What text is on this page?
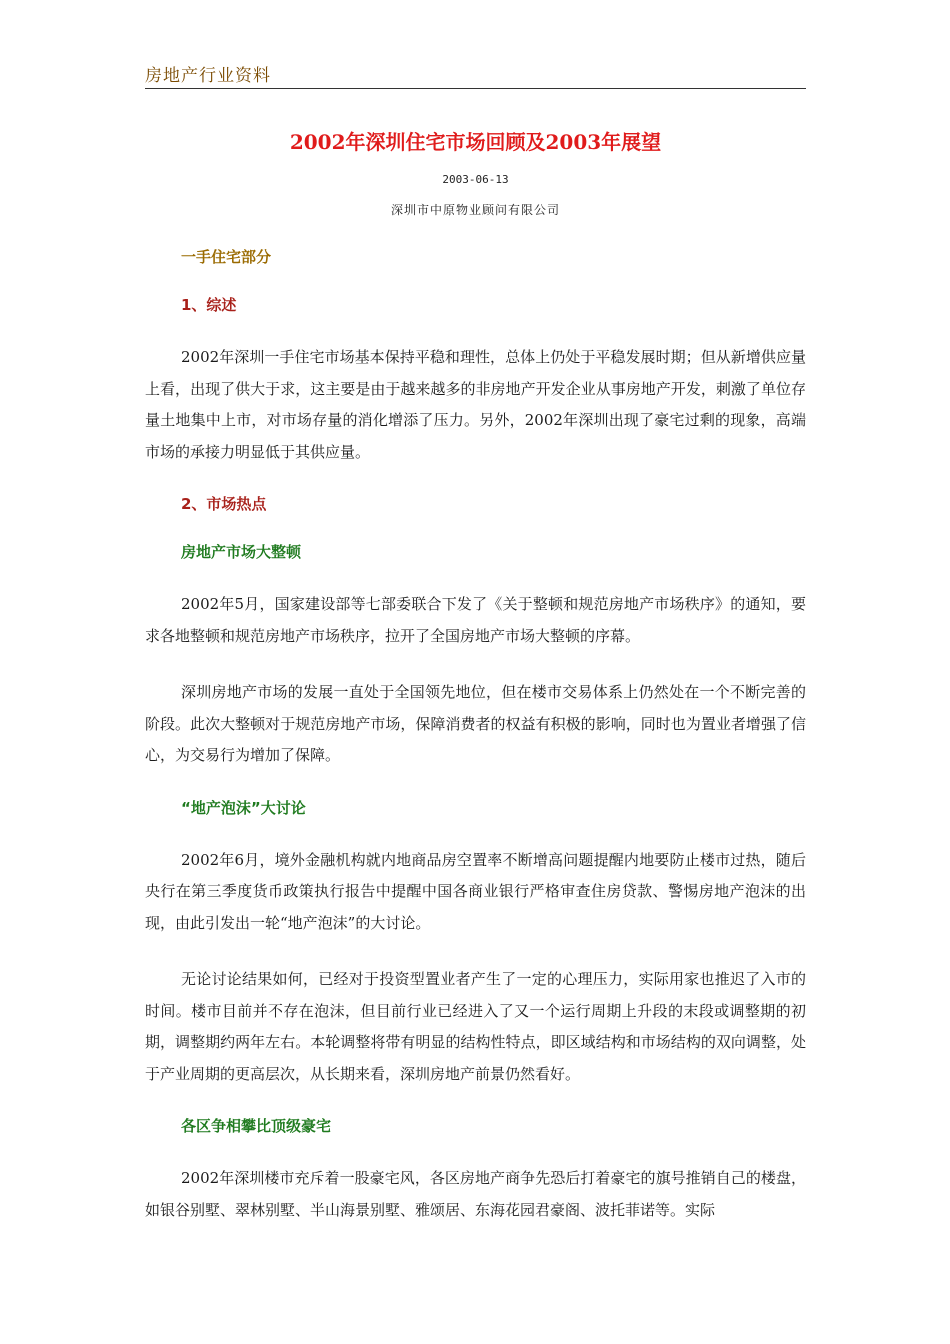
房地产行业资料
2002年深圳住宅市场回顾及2003年展望
2003-06-13
深圳市中原物业顾问有限公司

一手住宅部分

1、综述

2002年深圳一手住宅市场基本保持平稳和理性，总体上仍处于平稳发展时期；但从新增供应量上看，出现了供大于求，这主要是由于越来越多的非房地产开发企业从事房地产开发，刺激了单位存量土地集中上市，对市场存量的消化增添了压力。另外，2002年深圳出现了豪宅过剩的现象，高端市场的承接力明显低于其供应量。

2、市场热点

房地产市场大整顿

2002年5月，国家建设部等七部委联合下发了《关于整顿和规范房地产市场秩序》的通知，要求各地整顿和规范房地产市场秩序，拉开了全国房地产市场大整顿的序幕。

深圳房地产市场的发展一直处于全国领先地位，但在楼市交易体系上仍然处在一个不断完善的阶段。此次大整顿对于规范房地产市场，保障消费者的权益有积极的影响，同时也为置业者增强了信心，为交易行为增加了保障。

“地产泡沫”大讨论

2002年6月，境外金融机构就内地商品房空置率不断增高问题提醒内地要防止楼市过热，随后央行在第三季度货币政策执行报告中提醒中国各商业银行严格审查住房贷款、警惕房地产泡沫的出现，由此引发出一轮“地产泡沫”的大讨论。

无论讨论结果如何，已经对于投资型置业者产生了一定的心理压力，实际用家也推迟了入市的时间。楼市目前并不存在泡沫，但目前行业已经进入了又一个运行周期上升段的末段或调整期的初期，调整期约两年左右。本轮调整将带有明显的结构性特点，即区域结构和市场结构的双向调整，处于产业周期的更高层次，从长期来看，深圳房地产前景仍然看好。

各区争相攀比顶级豪宅

2002年深圳楼市充斥着一股豪宅风，各区房地产商争先恐后打着豪宅的旗号推销自己的楼盘，如银谷别墅、翠林别墅、半山海景别墅、雅颂居、东海花园君豪阁、波托菲诺等。实际
